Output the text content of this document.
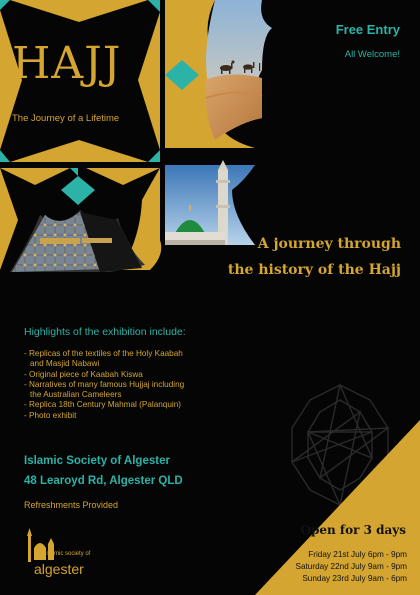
HAJJ
The Journey of a Lifetime
Free Entry
All Welcome!
A journey through
the history of the Hajj
Highlights of the exhibition include:
- Replicas of the textiles of the Holy Kaabah
and Masjid Nabawi
- Original piece of Kaabah Kiswa
- Narratives of many famous Hujjaj including
the Australian Cameleers
- Replica 18th Century Mahmal (Palanquin)
- Photo exhibit
Islamic Society of Algester
48 Learoyd Rd, Algester QLD
Refreshments Provided
Open for 3 days
Friday 21st July 6pm - 9pm
Saturday 22nd July 9am - 9pm
Sunday 23rd July 9am - 6pm
islamic society of
algester
